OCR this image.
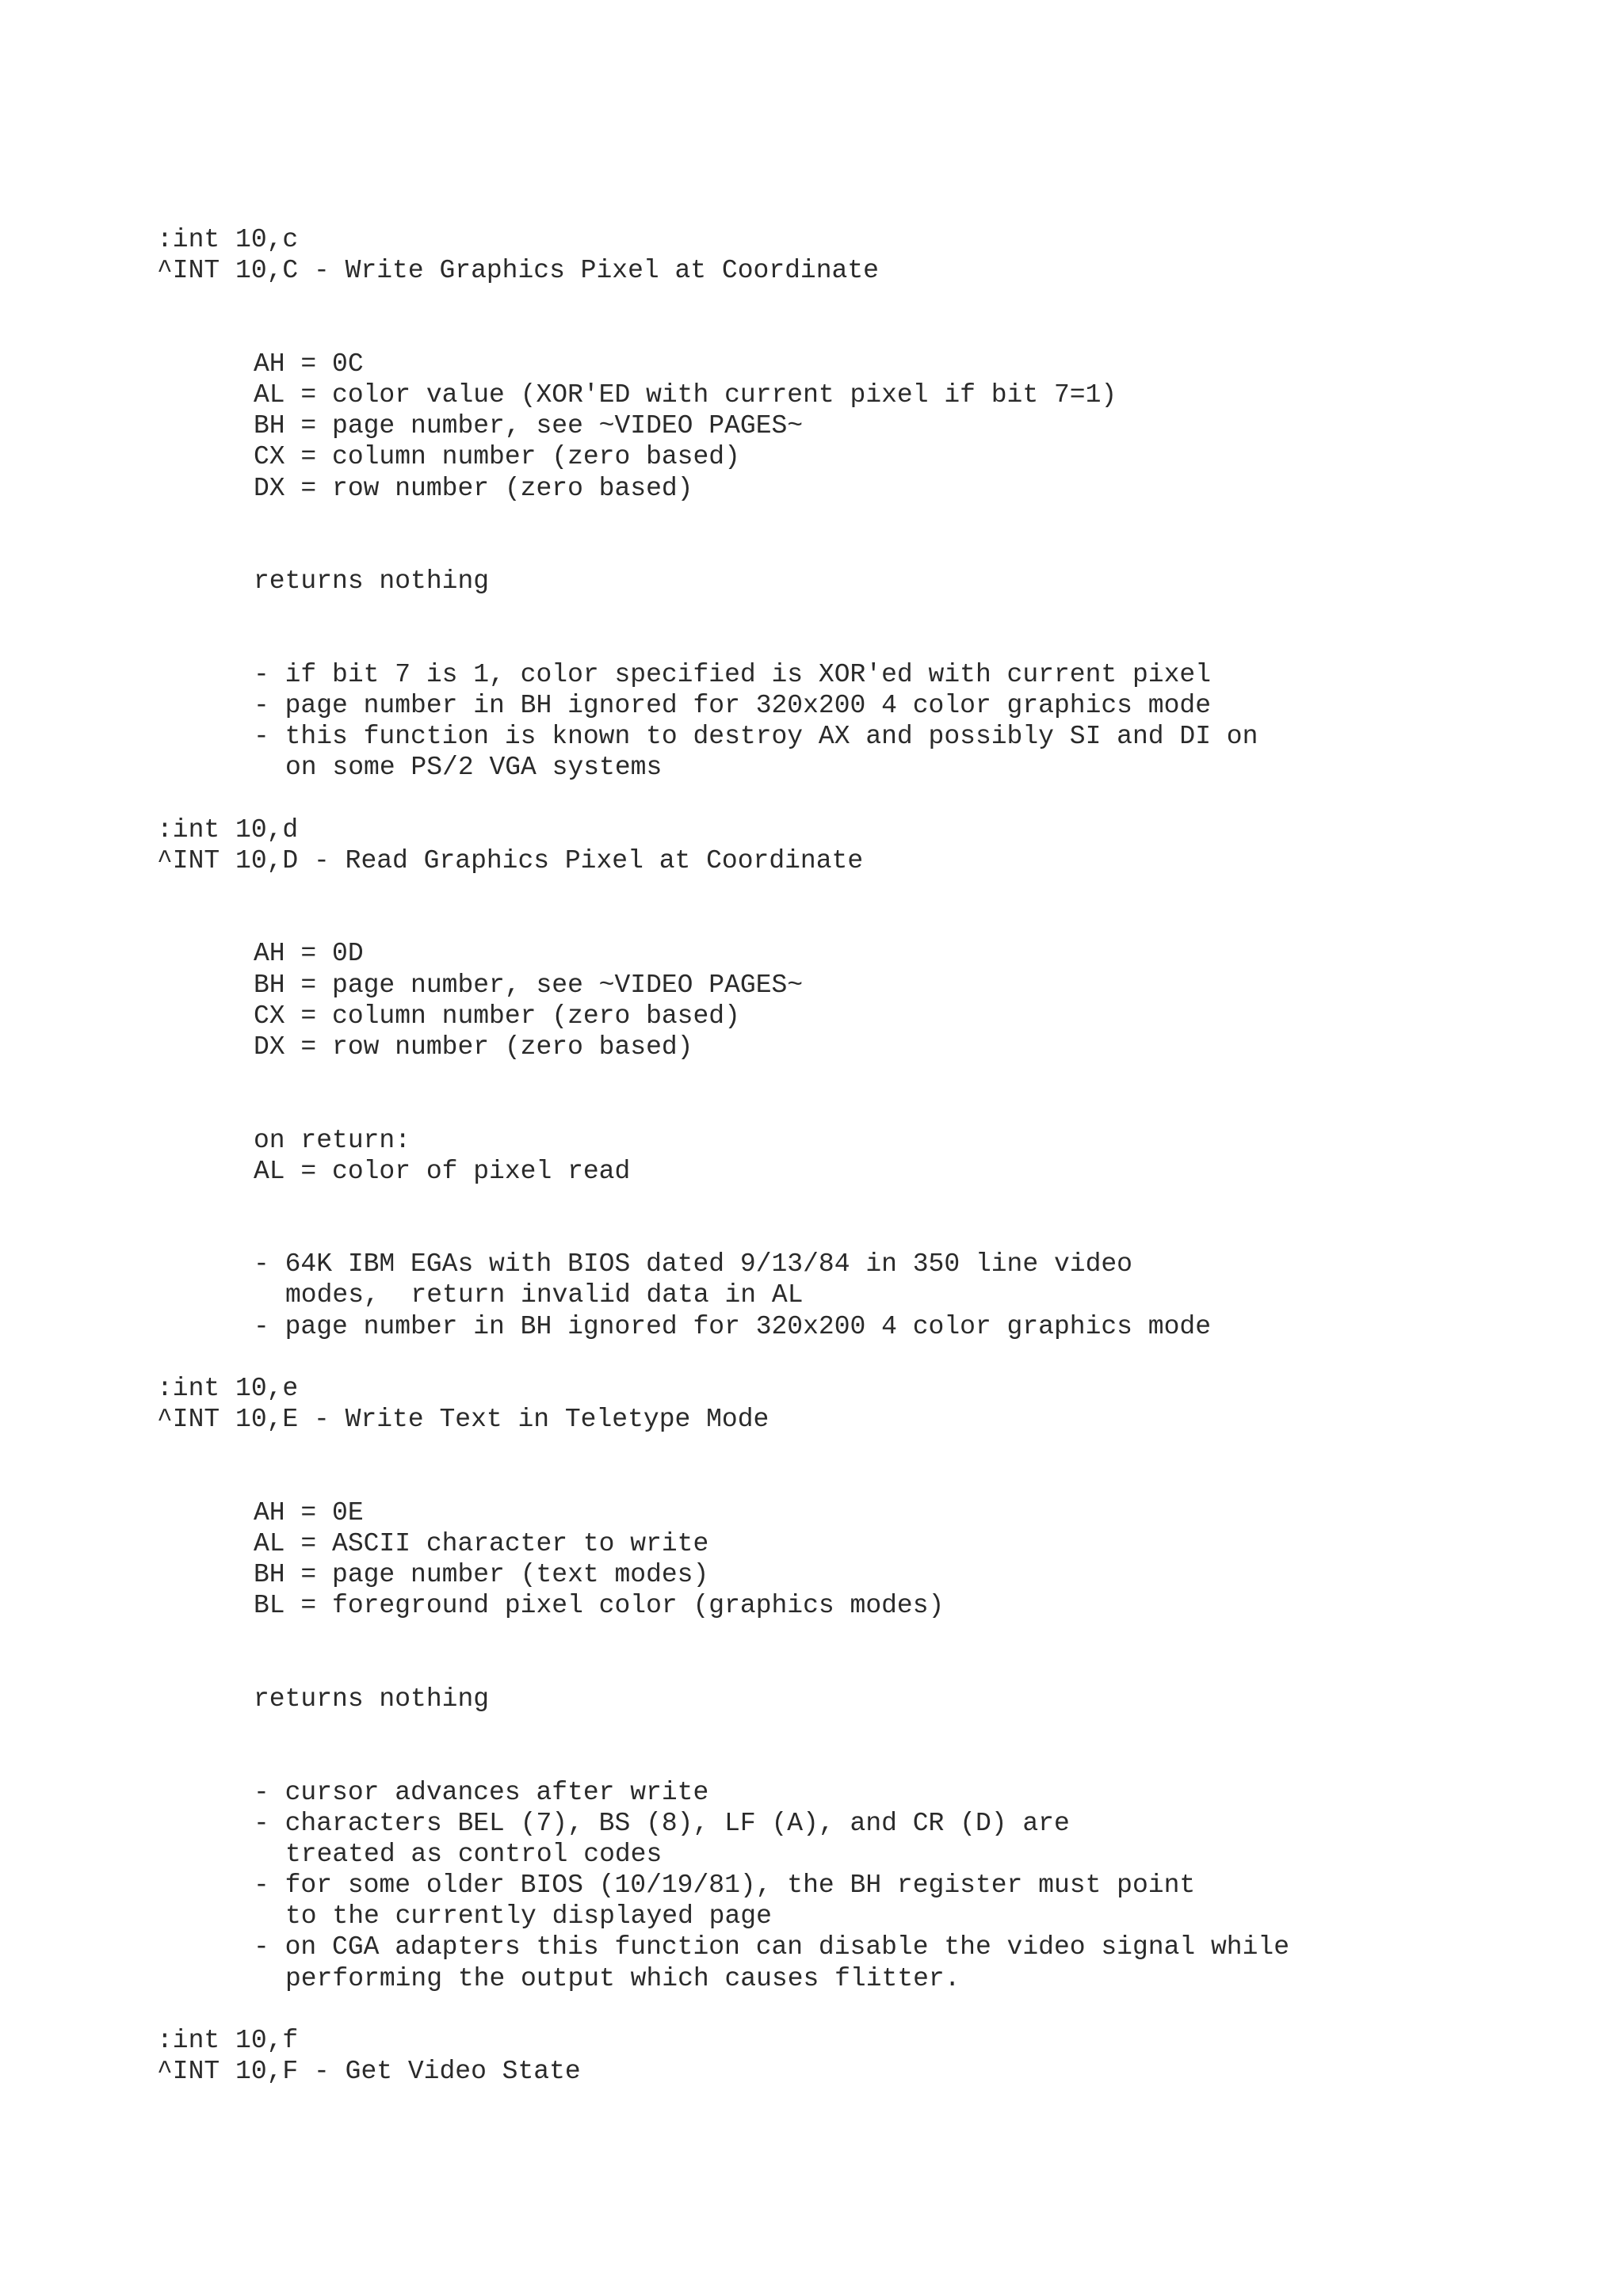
:int 10,c
^INT 10,C - Write Graphics Pixel at Coordinate
AH = 0C
AL = color value (XOR'ED with current pixel if bit 7=1)
BH = page number, see ~VIDEO PAGES~
CX = column number (zero based)
DX = row number (zero based)
returns nothing
- if bit 7 is 1, color specified is XOR'ed with current pixel
- page number in BH ignored for 320x200 4 color graphics mode
- this function is known to destroy AX and possibly SI and DI on
on some PS/2 VGA systems
:int 10,d
^INT 10,D - Read Graphics Pixel at Coordinate
AH = 0D
BH = page number, see ~VIDEO PAGES~
CX = column number (zero based)
DX = row number (zero based)
on return:
AL = color of pixel read
- 64K IBM EGAs with BIOS dated 9/13/84 in 350 line video
modes,  return invalid data in AL
- page number in BH ignored for 320x200 4 color graphics mode
:int 10,e
^INT 10,E - Write Text in Teletype Mode
AH = 0E
AL = ASCII character to write
BH = page number (text modes)
BL = foreground pixel color (graphics modes)
returns nothing
- cursor advances after write
- characters BEL (7), BS (8), LF (A), and CR (D) are
treated as control codes
- for some older BIOS (10/19/81), the BH register must point
to the currently displayed page
- on CGA adapters this function can disable the video signal while
performing the output which causes flitter.
:int 10,f
^INT 10,F - Get Video State
